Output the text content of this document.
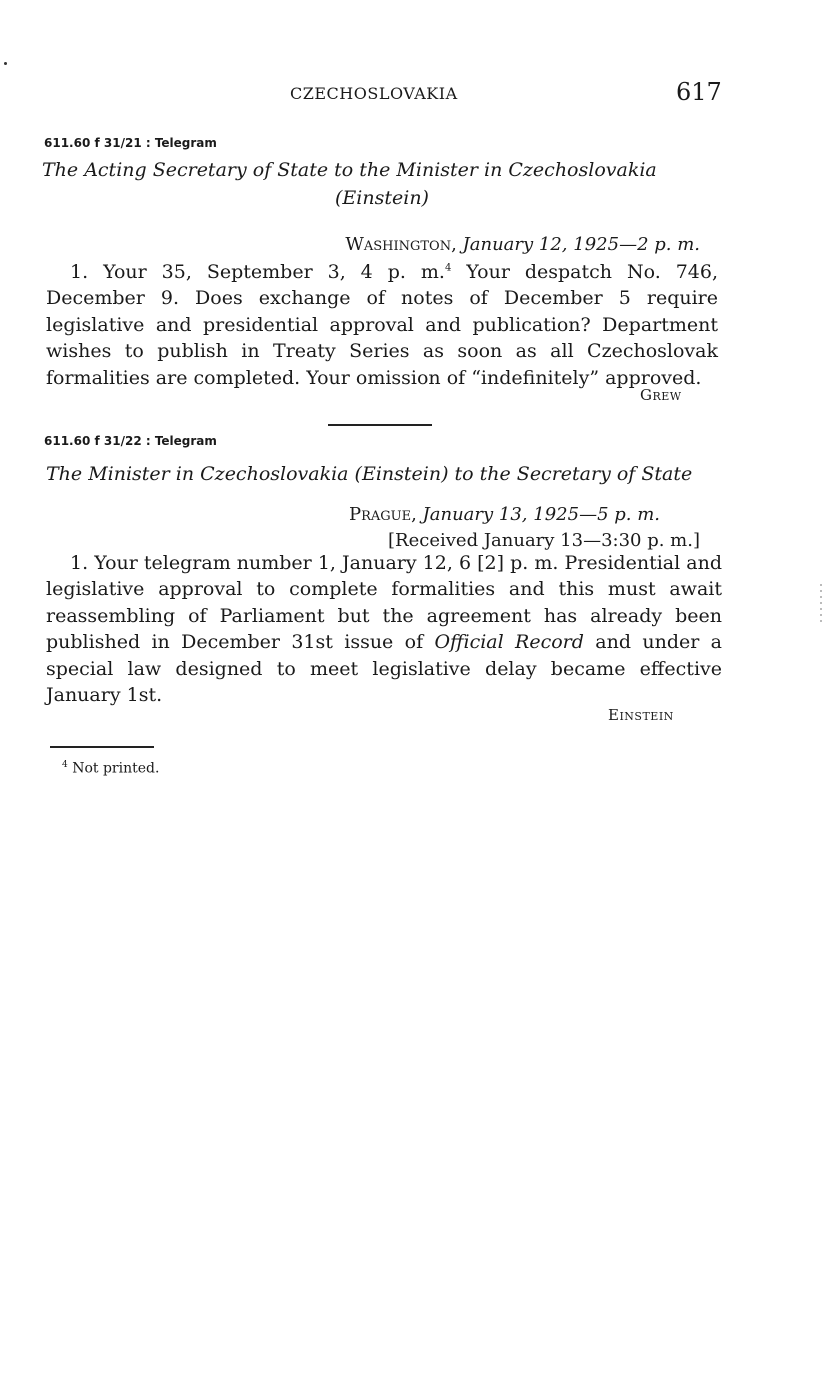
CZECHOSLOVAKIA	617
611.60 f 31/21 : Telegram
The Acting Secretary of State to the Minister in Czechoslovakia
(Einstein)
Washington, January 12, 1925—2 p. m.
1. Your 35, September 3, 4 p. m.$^4$ Your despatch No. 746, December 9. Does exchange of notes of December 5 require legislative and presidential approval and publication? Department wishes to publish in Treaty Series as soon as all Czechoslovak formalities are completed. Your omission of “indefinitely” approved.
Grew
611.60 f 31/22 : Telegram
The Minister in Czechoslovakia (Einstein) to the Secretary of State
Prague, January 13, 1925—5 p. m.
[Received January 13—3:30 p. m.]
1. Your telegram number 1, January 12, 6 [2] p. m. Presidential and legislative approval to complete formalities and this must await reassembling of Parliament but the agreement has already been published in December 31st issue of Official Record and under a special law designed to meet legislative delay became effective January 1st.
Einstein
$^4$ Not printed.
